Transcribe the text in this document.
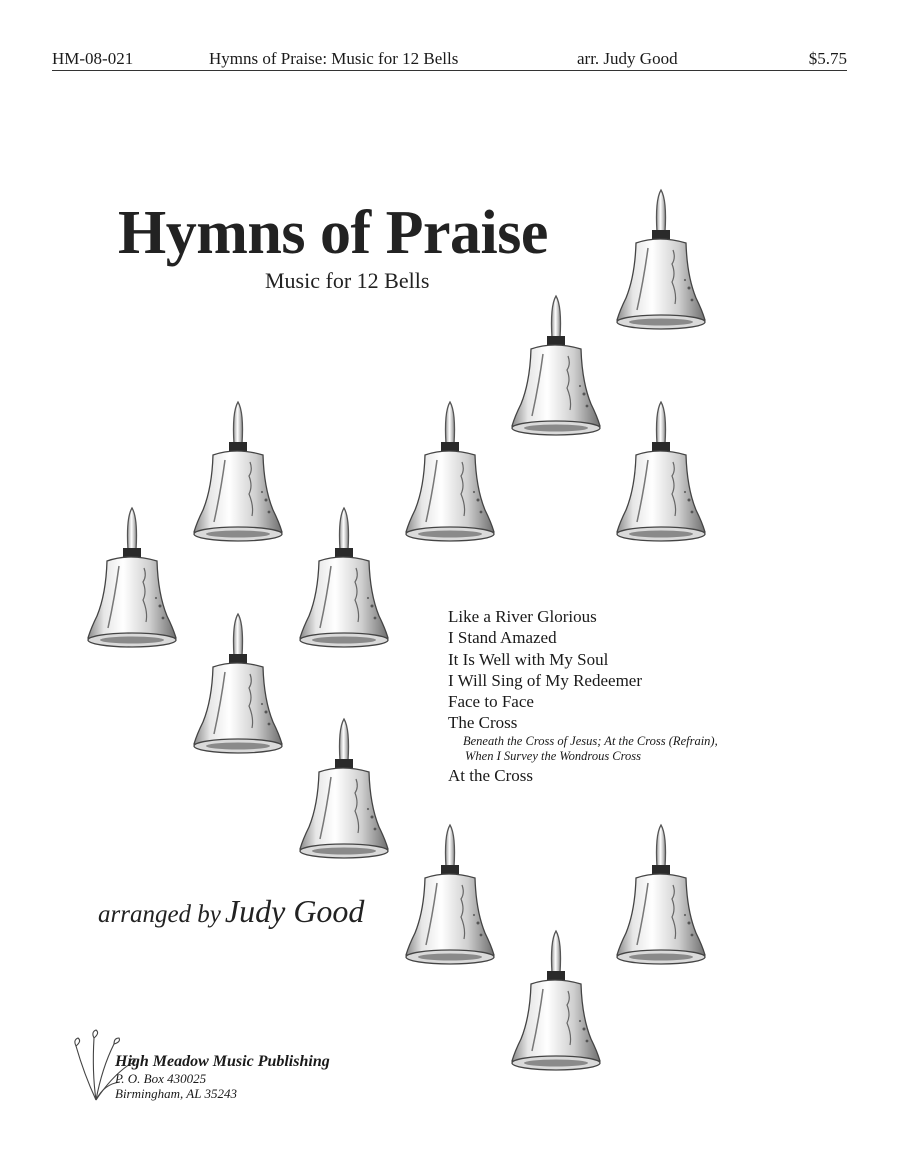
HM-08-021	Hymns of Praise: Music for 12 Bells	arr. Judy Good	$5.75
Hymns of Praise
Music for 12 Bells
Like a River Glorious
I Stand Amazed
It Is Well with My Soul
I Will Sing of My Redeemer
Face to Face
The Cross
Beneath the Cross of Jesus; At the Cross (Refrain),
When I Survey the Wondrous Cross
At the Cross
arranged by Judy Good
High Meadow Music Publishing
P. O. Box 430025
Birmingham, AL 35243
